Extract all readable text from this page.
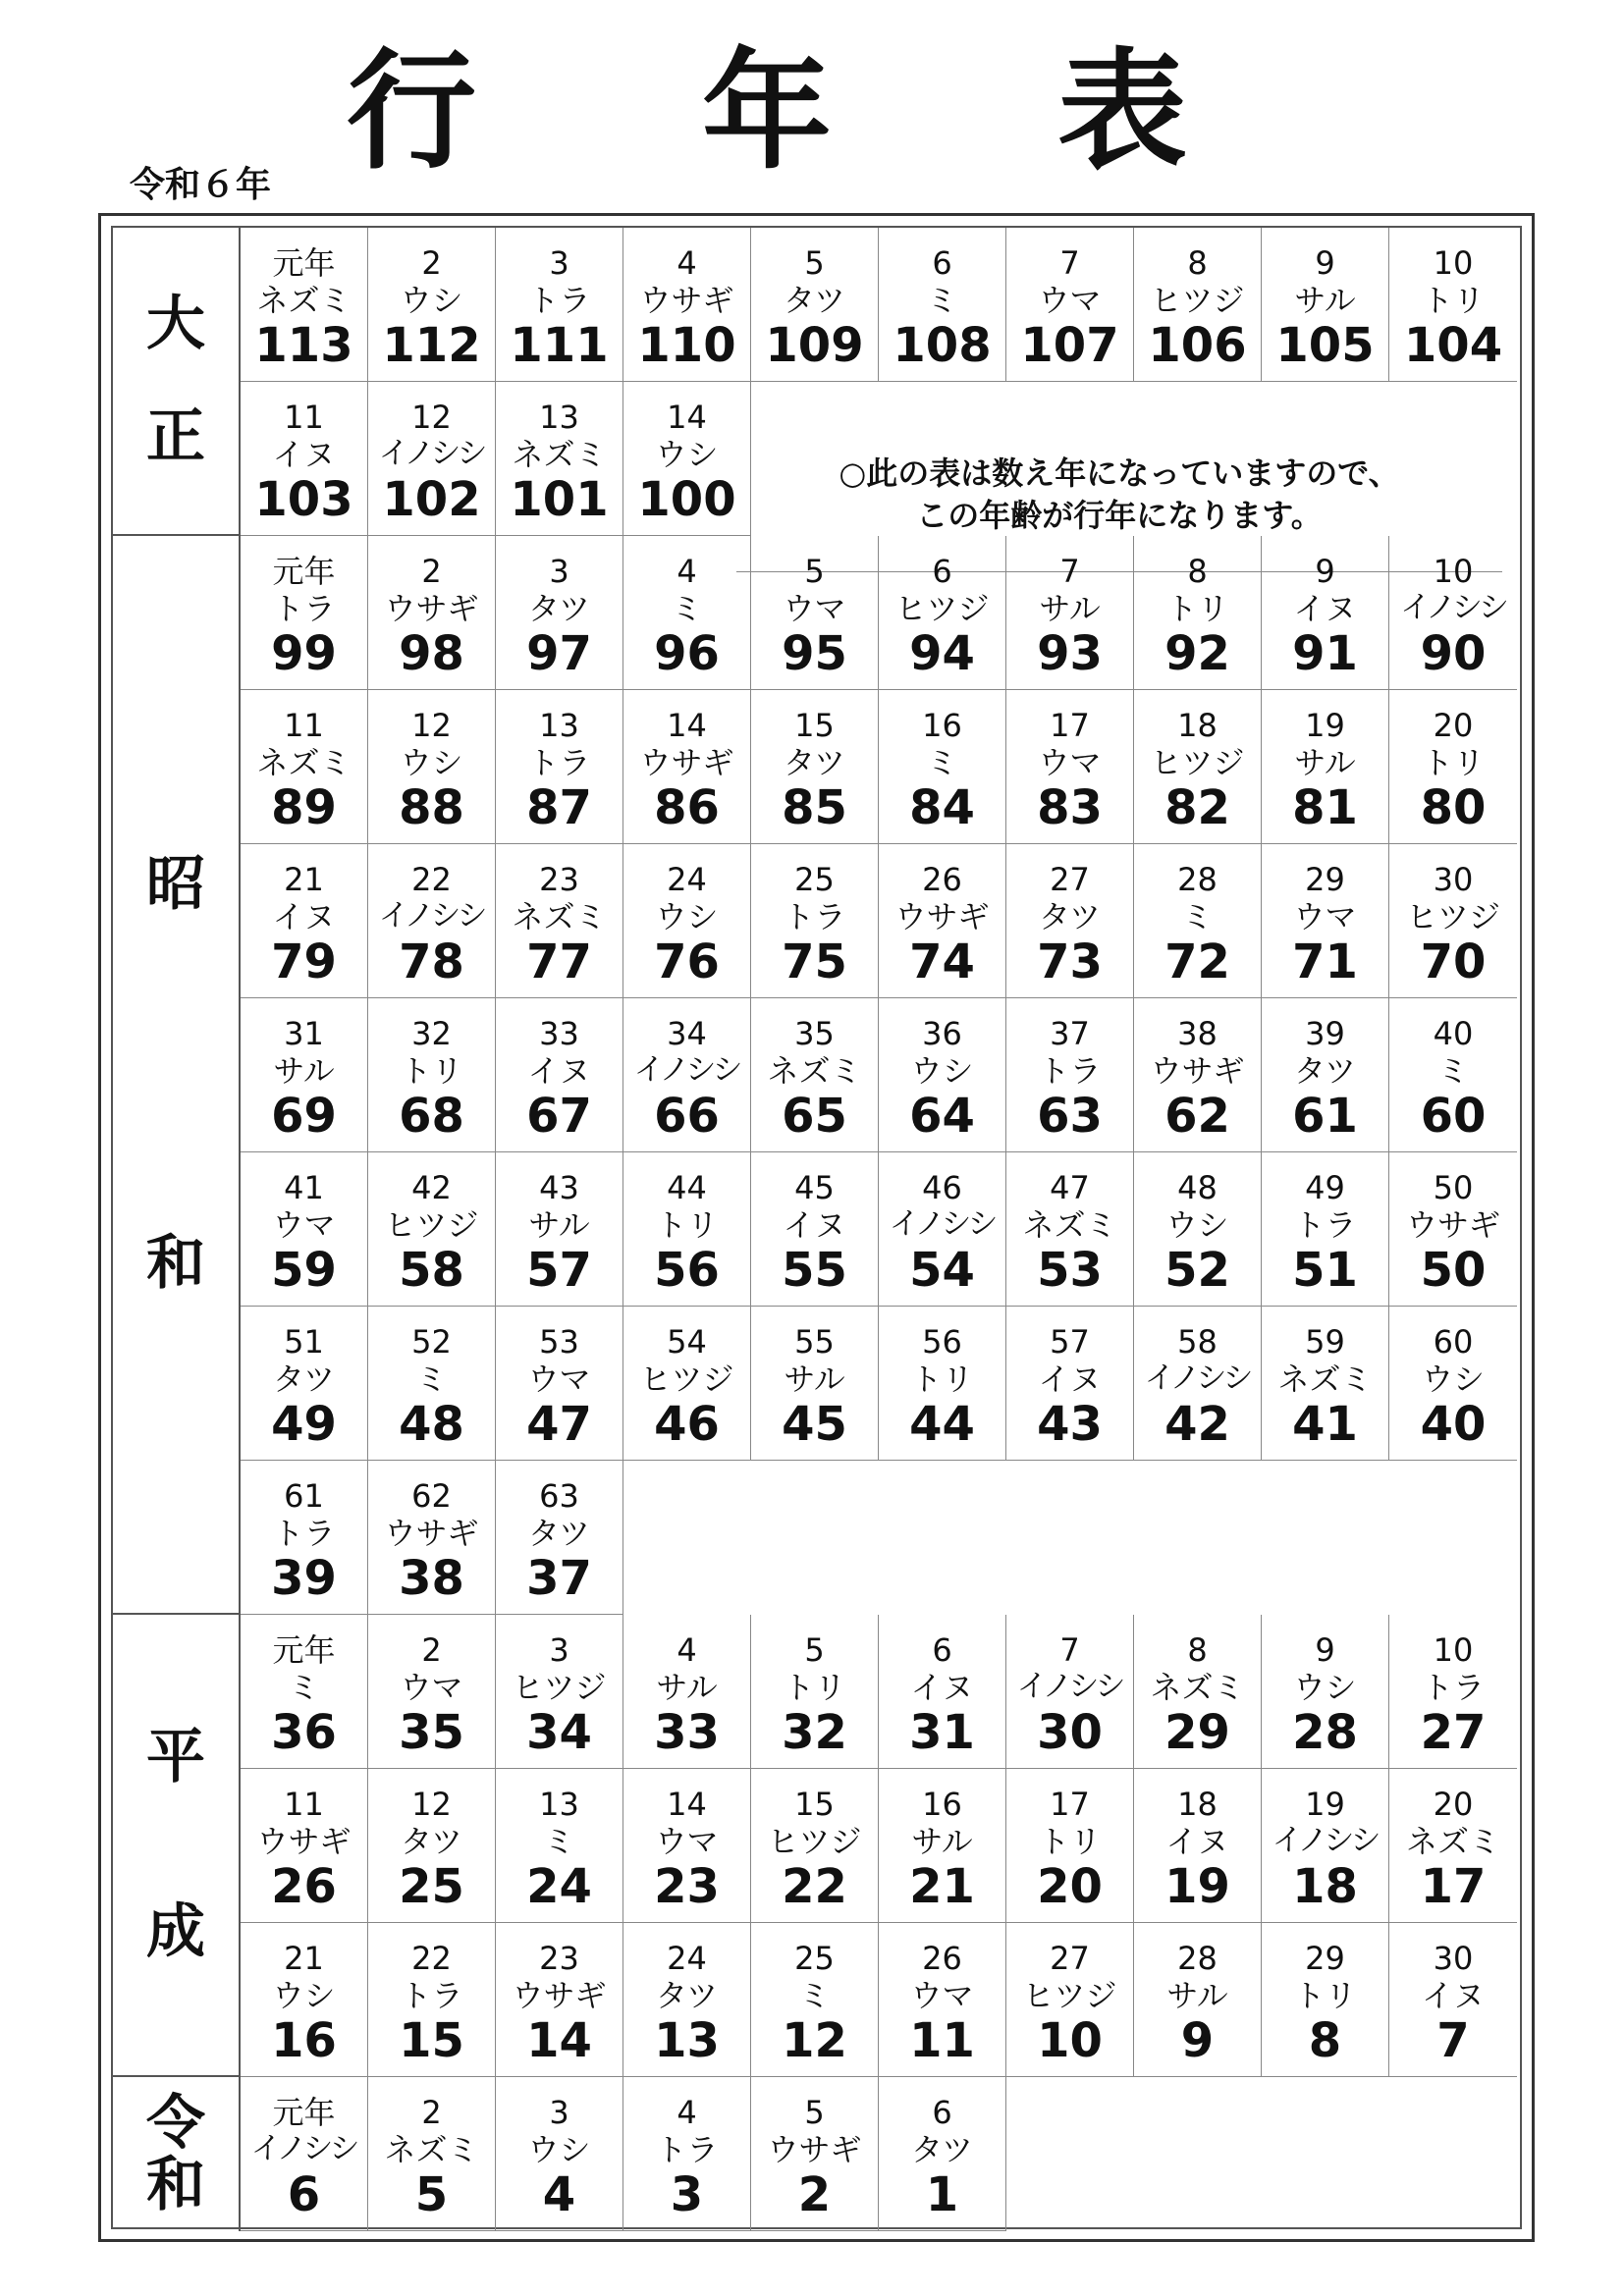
行 年 表
令和６年
○此の表は数え年になっていますので、
この年齢が行年になります。
大
正
元年
ネズミ
113
2
ウシ
112
3
トラ
111
4
ウサギ
110
5
タツ
109
6
ミ
108
7
ウマ
107
8
ヒツジ
106
9
サル
105
10
トリ
104
11
イヌ
103
12
イノシシ
102
13
ネズミ
101
14
ウシ
100
昭
和
元年
トラ
99
2
ウサギ
98
3
タツ
97
4
ミ
96
5
ウマ
95
6
ヒツジ
94
7
サル
93
8
トリ
92
9
イヌ
91
10
イノシシ
90
11
ネズミ
89
12
ウシ
88
13
トラ
87
14
ウサギ
86
15
タツ
85
16
ミ
84
17
ウマ
83
18
ヒツジ
82
19
サル
81
20
トリ
80
21
イヌ
79
22
イノシシ
78
23
ネズミ
77
24
ウシ
76
25
トラ
75
26
ウサギ
74
27
タツ
73
28
ミ
72
29
ウマ
71
30
ヒツジ
70
31
サル
69
32
トリ
68
33
イヌ
67
34
イノシシ
66
35
ネズミ
65
36
ウシ
64
37
トラ
63
38
ウサギ
62
39
タツ
61
40
ミ
60
41
ウマ
59
42
ヒツジ
58
43
サル
57
44
トリ
56
45
イヌ
55
46
イノシシ
54
47
ネズミ
53
48
ウシ
52
49
トラ
51
50
ウサギ
50
51
タツ
49
52
ミ
48
53
ウマ
47
54
ヒツジ
46
55
サル
45
56
トリ
44
57
イヌ
43
58
イノシシ
42
59
ネズミ
41
60
ウシ
40
61
トラ
39
62
ウサギ
38
63
タツ
37
平
成
元年
ミ
36
2
ウマ
35
3
ヒツジ
34
4
サル
33
5
トリ
32
6
イヌ
31
7
イノシシ
30
8
ネズミ
29
9
ウシ
28
10
トラ
27
11
ウサギ
26
12
タツ
25
13
ミ
24
14
ウマ
23
15
ヒツジ
22
16
サル
21
17
トリ
20
18
イヌ
19
19
イノシシ
18
20
ネズミ
17
21
ウシ
16
22
トラ
15
23
ウサギ
14
24
タツ
13
25
ミ
12
26
ウマ
11
27
ヒツジ
10
28
サル
9
29
トリ
8
30
イヌ
7
令
和
元年
イノシシ
6
2
ネズミ
5
3
ウシ
4
4
トラ
3
5
ウサギ
2
6
タツ
1
